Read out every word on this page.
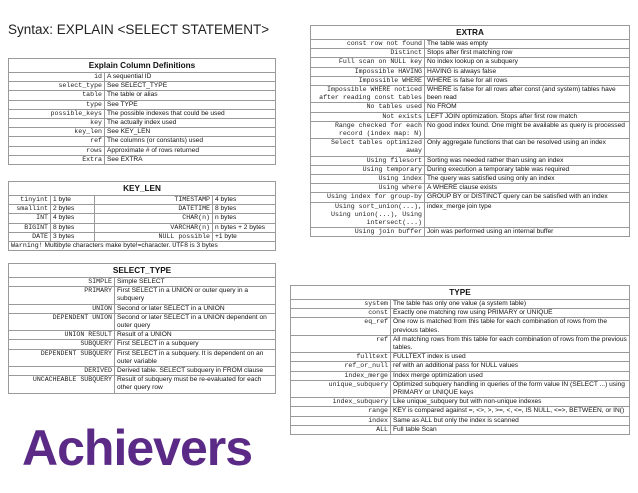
Syntax: EXPLAIN <SELECT STATEMENT>
Explain Column Definitions	
id	A sequential ID
select_type	See SELECT_TYPE
table	The table or alias
type	See TYPE
possible_keys	The possible indexes that could be used
key	The actually index used
key_len	See KEY_LEN
ref	The columns (or constants) used
rows	Approximate # of rows returned
Extra	See EXTRA
KEY_LEN			
tinyint	1 byte	TIMESTAMP	4 bytes
smallint	2 bytes	DATETIME	8 bytes
INT	4 bytes	CHAR(n)	n bytes
BIGINT	8 bytes	VARCHAR(n)	n bytes + 2 bytes
DATE	3 bytes	NULL possible	+1 byte
Warning! Multibyte characters make byte!=character. UTF8 is 3 bytes			
SELECT_TYPE	
SIMPLE	Simple SELECT
PRIMARY	First SELECT in a UNION or outer query in a subquery
UNION	Second or later SELECT in a UNION
DEPENDENT UNION	Second or later SELECT in a UNION dependent on outer query
UNION RESULT	Result of a UNION
SUBQUERY	First SELECT in a subquery
DEPENDENT SUBQUERY	First SELECT in a subquery. It is dependent on an outer variable
DERIVED	Derived table. SELECT subquery in FROM clause
UNCACHEABLE SUBQUERY	Result of subquery must be re-evaluated for each other query row
EXTRA	
const row not found	The table was empty
Distinct	Stops after first matching row
Full scan on NULL key	No index lookup on a subquery
Impossible HAVING	HAVING is always false
Impossible WHERE	WHERE is false for all rows
Impossible WHERE noticed after reading const tables	WHERE is false for all rows after const (and system) tables have been read
No tables used	No FROM
Not exists	LEFT JOIN optimization. Stops after first row match
Range checked for each record (index map: N)	No good index found. One might be available as query is processed
Select tables optimized away	Only aggregate functions that can be resolved using an index
Using filesort	Sorting was needed rather than using an index
Using temporary	During execution a temporary table was required
Using index	The query was satisfied using only an index
Using where	A WHERE clause exists
Using index for group-by	GROUP BY or DISTINCT query can be satisfied with an index
Using sort_union(...), Using union(...), Using intersect(...)	index_merge join type
Using join buffer	Join was performed using an internal buffer
TYPE	
system	The table has only one value (a system table)
const	Exactly one matching row using PRIMARY or UNIQUE
eq_ref	One row is matched from this table for each combination of rows from the previous tables.
ref	All matching rows from this table for each combination of rows from the previous tables.
fulltext	FULLTEXT index is used
ref_or_null	ref with an additional pass for NULL values
index_merge	Index merge optimization used
unique_subquery	Optimized subquery handling in queries of the form value IN (SELECT ...) using PRIMARY or UNIQUE keys
index_subquery	Like unique_subquery but with non-unique indexes
range	KEY is compared against =, <>, >, >=, <, <=, IS NULL, <=>, BETWEEN, or IN()
index	Same as ALL but only the index is scanned
ALL	Full table Scan
Achievers
